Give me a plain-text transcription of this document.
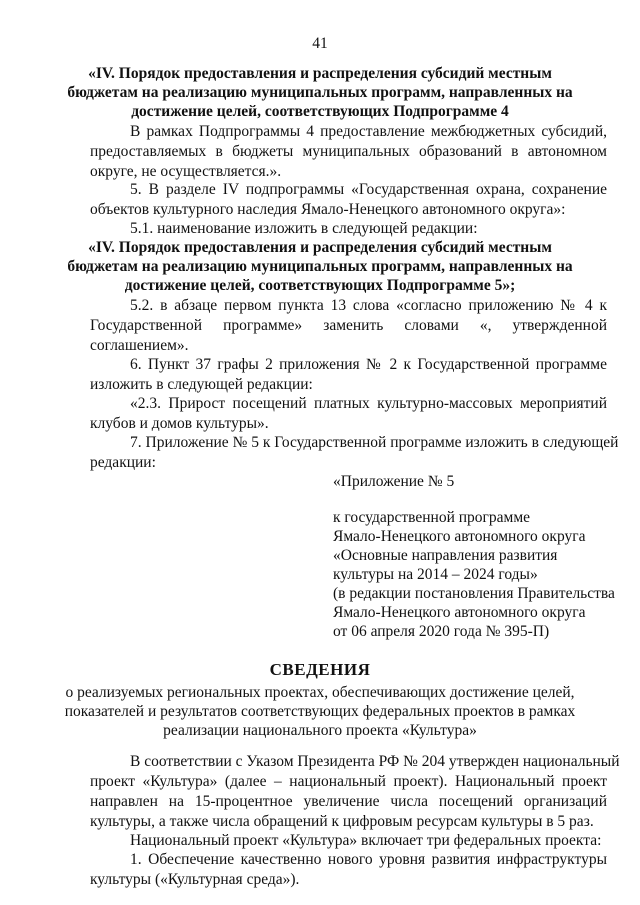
41
«IV. Порядок предоставления и распределения субсидий местным
бюджетам на реализацию муниципальных программ, направленных на
достижение целей, соответствующих Подпрограмме 4
В рамках Подпрограммы 4 предоставление межбюджетных субсидий,
предоставляемых в бюджеты муниципальных образований в автономном
округе, не осуществляется.».
5. В разделе IV подпрограммы «Государственная охрана, сохранение
объектов культурного наследия Ямало-Ненецкого автономного округа»:
5.1. наименование изложить в следующей редакции:
«IV. Порядок предоставления и распределения субсидий местным
бюджетам на реализацию муниципальных программ, направленных на
достижение целей, соответствующих Подпрограмме 5»;
5.2. в абзаце первом пункта 13 слова «согласно приложению № 4 к
Государственной программе» заменить словами «, утвержденной
соглашением».
6. Пункт 37 графы 2 приложения № 2 к Государственной программе
изложить в следующей редакции:
«2.3. Прирост посещений платных культурно-массовых мероприятий
клубов и домов культуры».
7. Приложение № 5 к Государственной программе изложить в следующей
редакции:
«Приложение № 5
к государственной программе
Ямало-Ненецкого автономного округа
«Основные направления развития
культуры на 2014 – 2024 годы»
(в редакции постановления Правительства
Ямало-Ненецкого автономного округа
от 06 апреля 2020 года № 395-П)
СВЕДЕНИЯ
о реализуемых региональных проектах, обеспечивающих достижение целей,
показателей и результатов соответствующих федеральных проектов в рамках
реализации национального проекта «Культура»
В соответствии с Указом Президента РФ № 204 утвержден национальный
проект «Культура» (далее – национальный проект). Национальный проект
направлен на 15-процентное увеличение числа посещений организаций
культуры, а также числа обращений к цифровым ресурсам культуры в 5 раз.
Национальный проект «Культура» включает три федеральных проекта:
1. Обеспечение качественно нового уровня развития инфраструктуры
культуры («Культурная среда»).
